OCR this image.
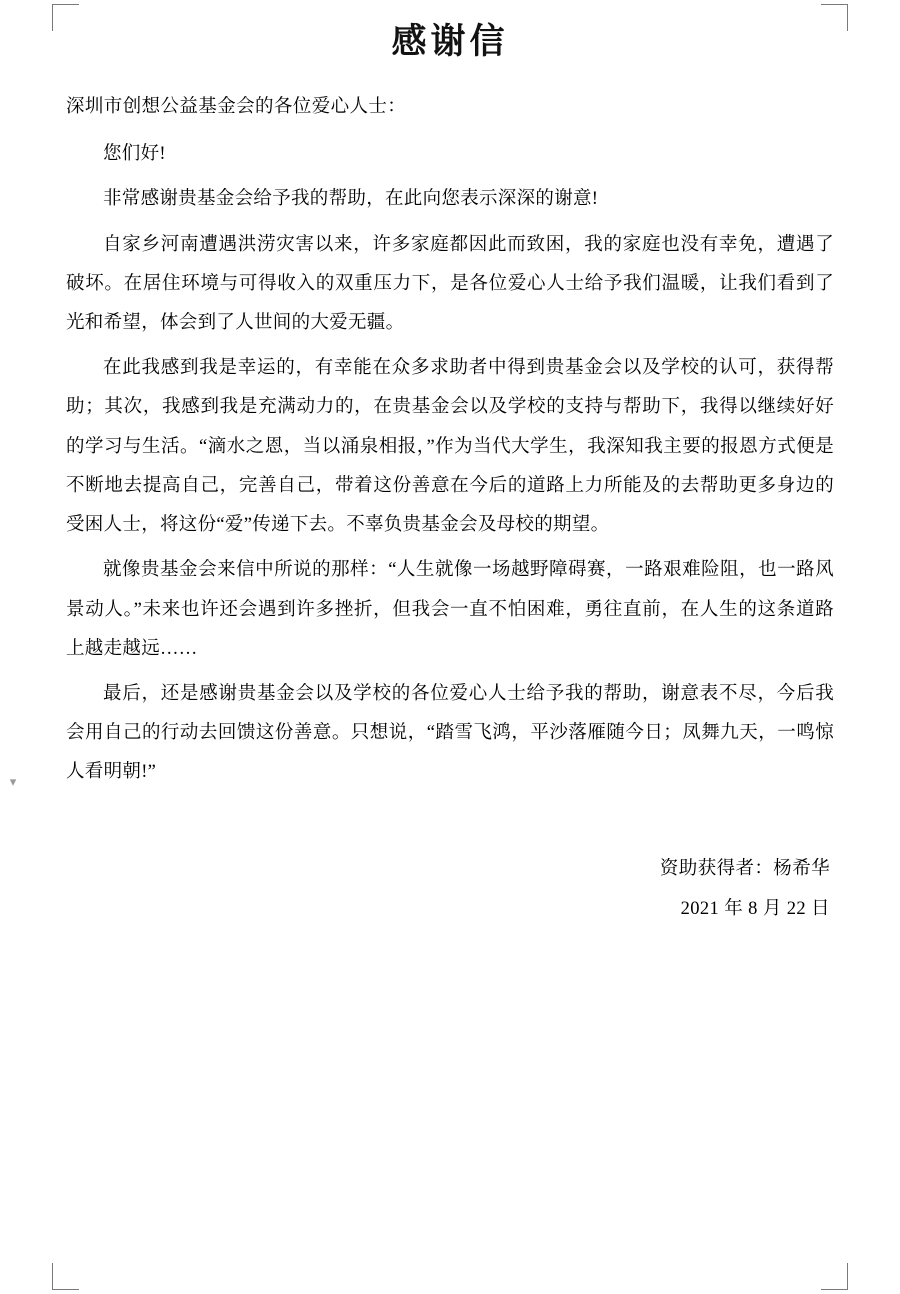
▾
感谢信

深圳市创想公益基金会的各位爱心人士：

您们好!

非常感谢贵基金会给予我的帮助，在此向您表示深深的谢意!

自家乡河南遭遇洪涝灾害以来，许多家庭都因此而致困，我的家庭也没有幸免，遭遇了破坏。在居住环境与可得收入的双重压力下，是各位爱心人士给予我们温暖，让我们看到了光和希望，体会到了人世间的大爱无疆。

在此我感到我是幸运的，有幸能在众多求助者中得到贵基金会以及学校的认可，获得帮助；其次，我感到我是充满动力的，在贵基金会以及学校的支持与帮助下，我得以继续好好的学习与生活。“滴水之恩，当以涌泉相报，”作为当代大学生，我深知我主要的报恩方式便是不断地去提高自己，完善自己，带着这份善意在今后的道路上力所能及的去帮助更多身边的受困人士，将这份“爱”传递下去。不辜负贵基金会及母校的期望。

就像贵基金会来信中所说的那样：“人生就像一场越野障碍赛，一路艰难险阻，也一路风景动人。”未来也许还会遇到许多挫折，但我会一直不怕困难，勇往直前，在人生的这条道路上越走越远……

最后，还是感谢贵基金会以及学校的各位爱心人士给予我的帮助，谢意表不尽，今后我会用自己的行动去回馈这份善意。只想说，“踏雪飞鸿，平沙落雁随今日；凤舞九天，一鸣惊人看明朝!”

资助获得者：杨希华
2021 年 8 月 22 日
